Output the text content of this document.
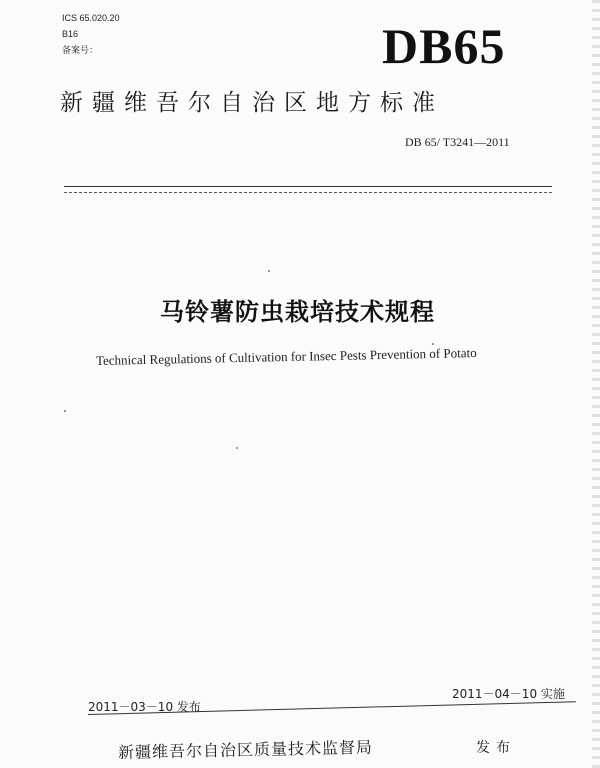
ICS 65.020.20
B16
备案号：	DB65
新疆维吾尔自治区地方标准
DB 65/ T3241—2011
马铃薯防虫栽培技术规程
Technical Regulations of Cultivation for Insec Pests Prevention of Potato
2011－03－10 发布
2011－04－10 实施
新疆维吾尔自治区质量技术监督局	发布
